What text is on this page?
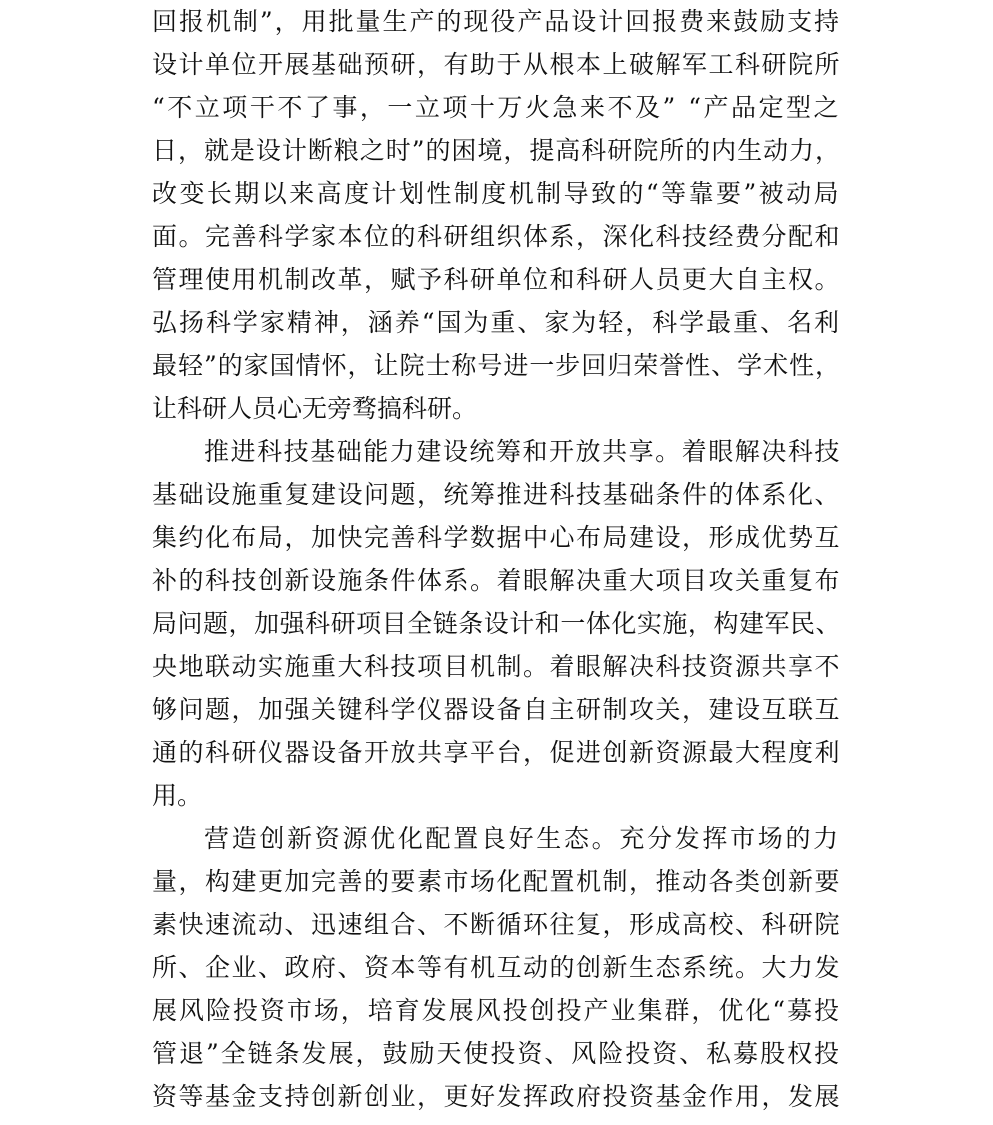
回报机制”，用批量生产的现役产品设计回报费来鼓励支持
设计单位开展基础预研，有助于从根本上破解军工科研院所
“不立项干不了事，一立项十万火急来不及” “产品定型之
日，就是设计断粮之时”的困境，提高科研院所的内生动力，
改变长期以来高度计划性制度机制导致的“等靠要”被动局
面。完善科学家本位的科研组织体系，深化科技经费分配和
管理使用机制改革，赋予科研单位和科研人员更大自主权。
弘扬科学家精神，涵养“国为重、家为轻，科学最重、名利
最轻”的家国情怀，让院士称号进一步回归荣誉性、学术性，
让科研人员心无旁骛搞科研。
推进科技基础能力建设统筹和开放共享。着眼解决科技
基础设施重复建设问题，统筹推进科技基础条件的体系化、
集约化布局，加快完善科学数据中心布局建设，形成优势互
补的科技创新设施条件体系。着眼解决重大项目攻关重复布
局问题，加强科研项目全链条设计和一体化实施，构建军民、
央地联动实施重大科技项目机制。着眼解决科技资源共享不
够问题，加强关键科学仪器设备自主研制攻关，建设互联互
通的科研仪器设备开放共享平台，促进创新资源最大程度利
用。
营造创新资源优化配置良好生态。充分发挥市场的力
量，构建更加完善的要素市场化配置机制，推动各类创新要
素快速流动、迅速组合、不断循环往复，形成高校、科研院
所、企业、政府、资本等有机互动的创新生态系统。大力发
展风险投资市场，培育发展风投创投产业集群，优化“募投
管退”全链条发展，鼓励天使投资、风险投资、私募股权投
资等基金支持创新创业，更好发挥政府投资基金作用，发展
